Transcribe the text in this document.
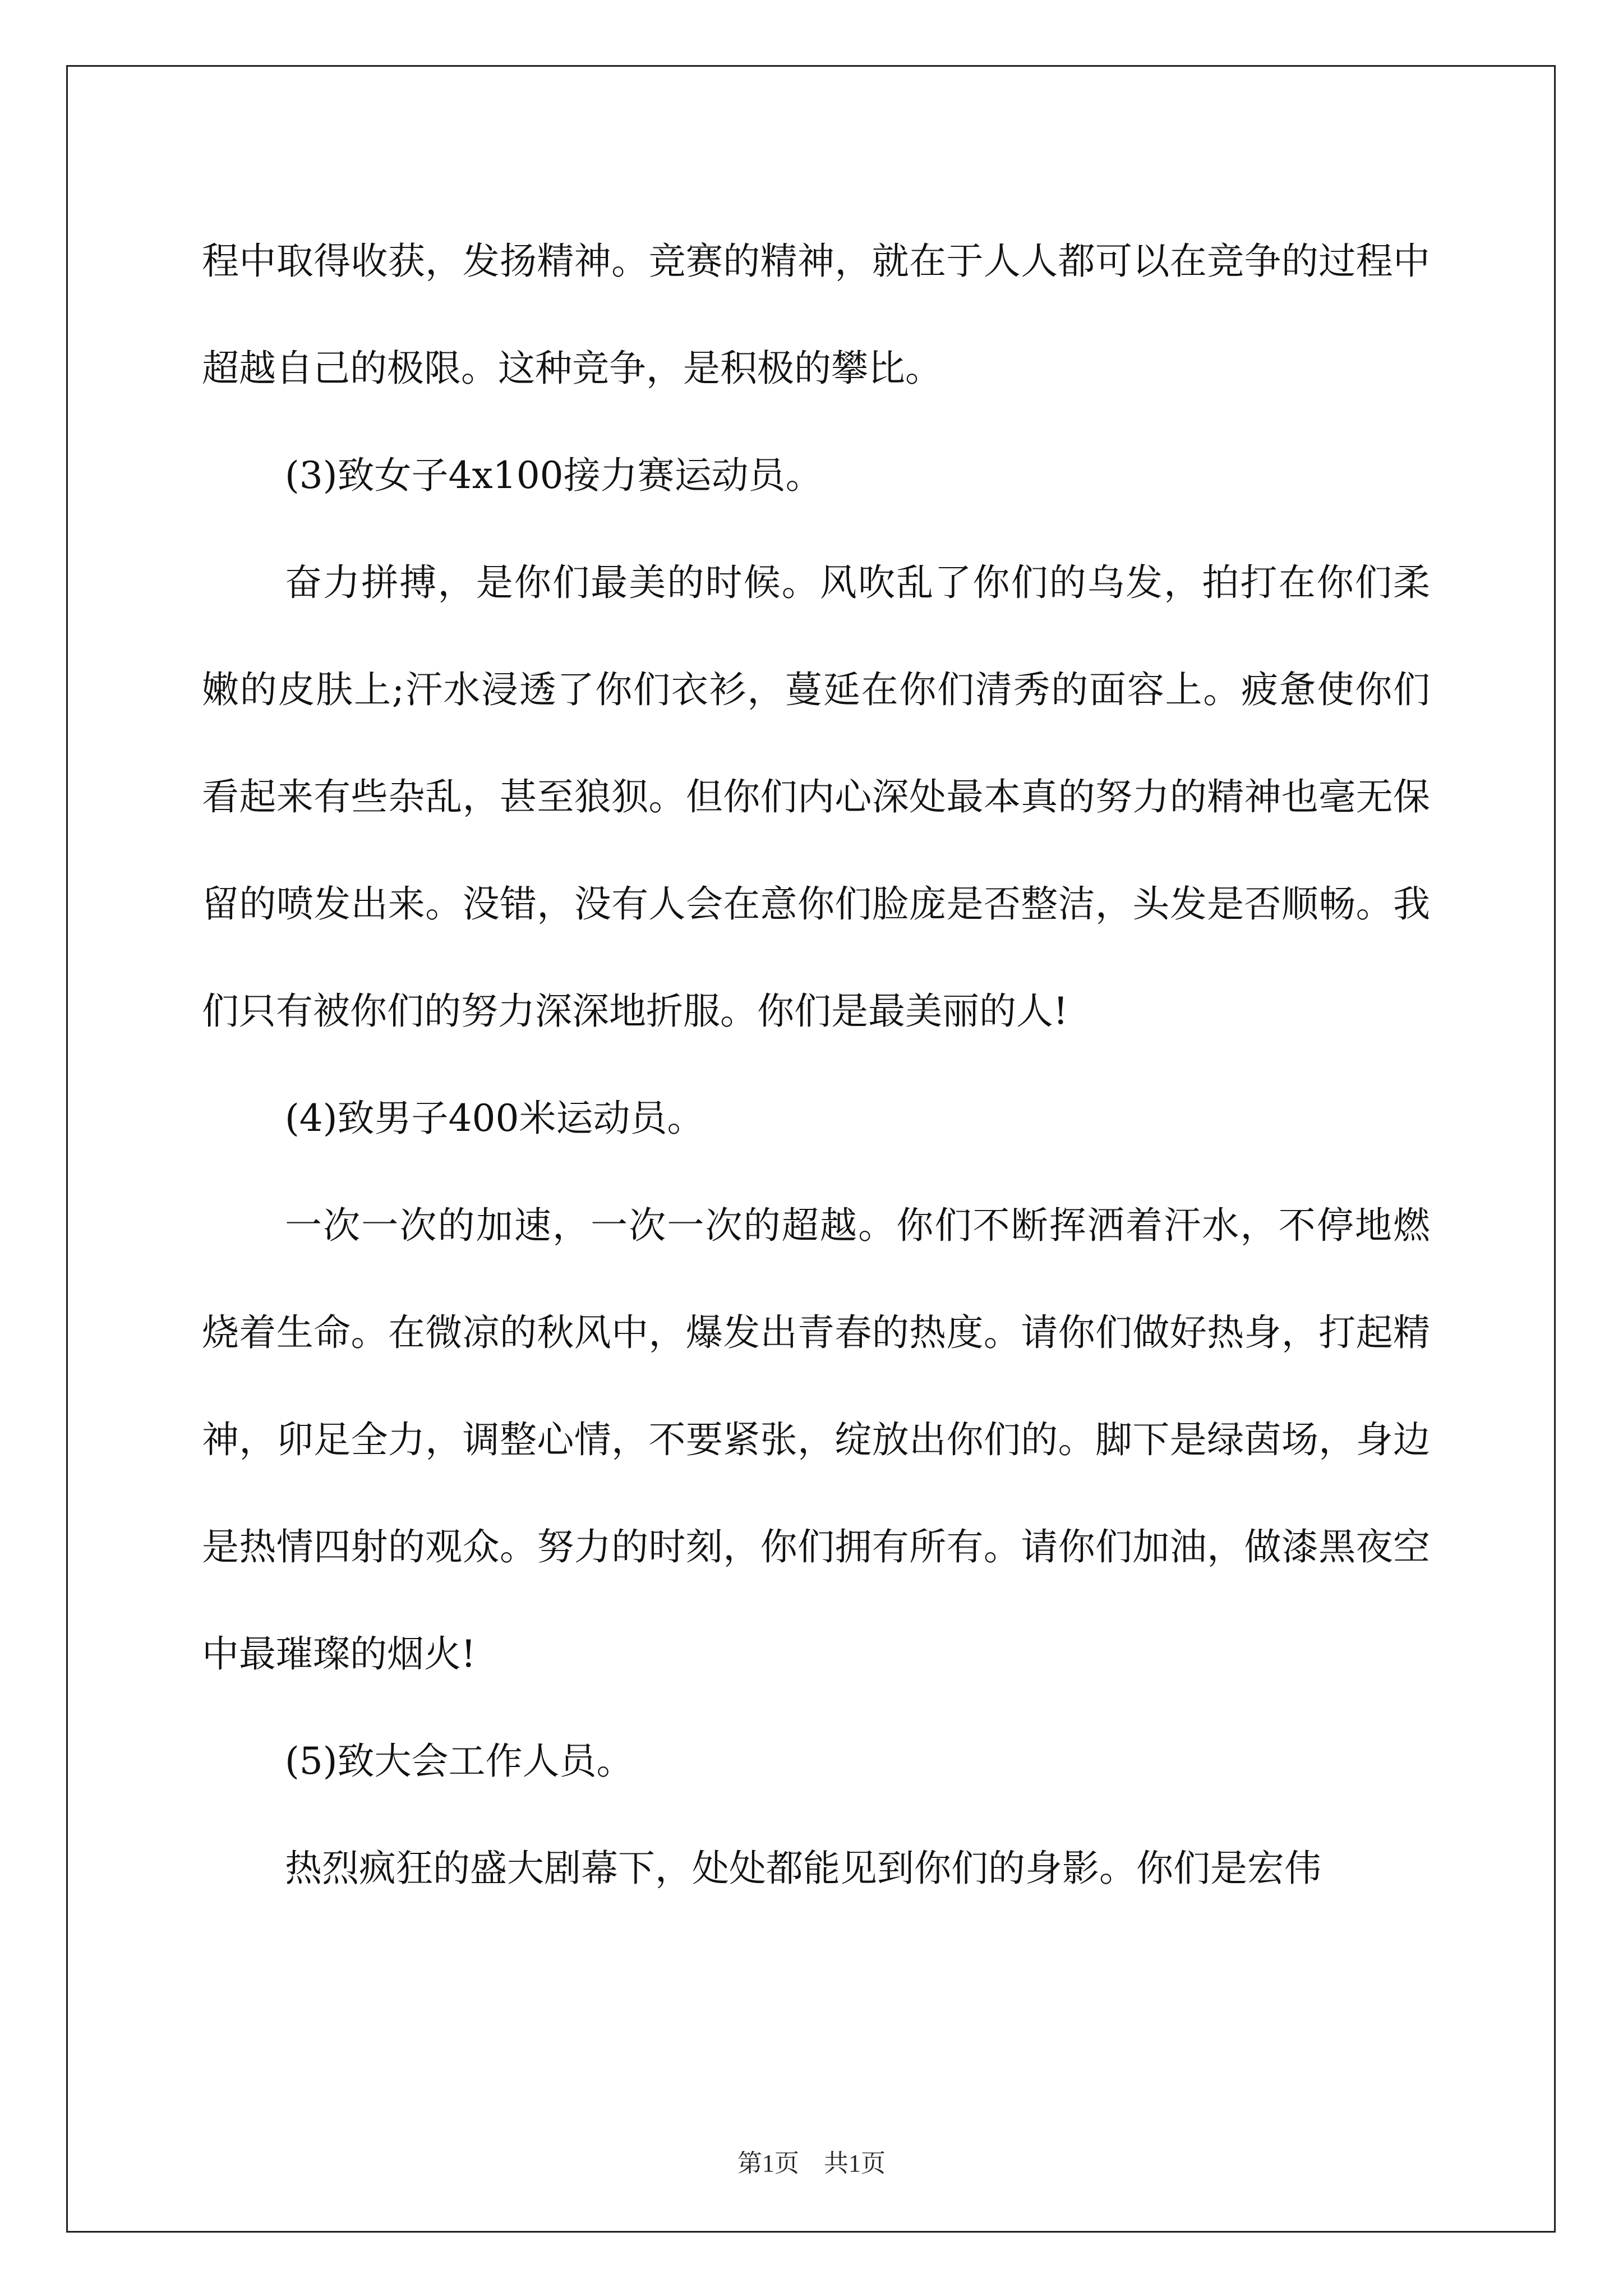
程中取得收获，发扬精神。竞赛的精神，就在于人人都可以在竞争的过程中超越自己的极限。这种竞争，是积极的攀比。

(3)致女子4x100接力赛运动员。

奋力拼搏，是你们最美的时候。风吹乱了你们的乌发，拍打在你们柔嫩的皮肤上;汗水浸透了你们衣衫，蔓延在你们清秀的面容上。疲惫使你们看起来有些杂乱，甚至狼狈。但你们内心深处最本真的努力的精神也毫无保留的喷发出来。没错，没有人会在意你们脸庞是否整洁，头发是否顺畅。我们只有被你们的努力深深地折服。你们是最美丽的人!

(4)致男子400米运动员。

一次一次的加速，一次一次的超越。你们不断挥洒着汗水，不停地燃烧着生命。在微凉的秋风中，爆发出青春的热度。请你们做好热身，打起精神，卯足全力，调整心情，不要紧张，绽放出你们的。脚下是绿茵场，身边是热情四射的观众。努力的时刻，你们拥有所有。请你们加油，做漆黑夜空中最璀璨的烟火!

(5)致大会工作人员。

热烈疯狂的盛大剧幕下，处处都能见到你们的身影。你们是宏伟

第1页　共1页
